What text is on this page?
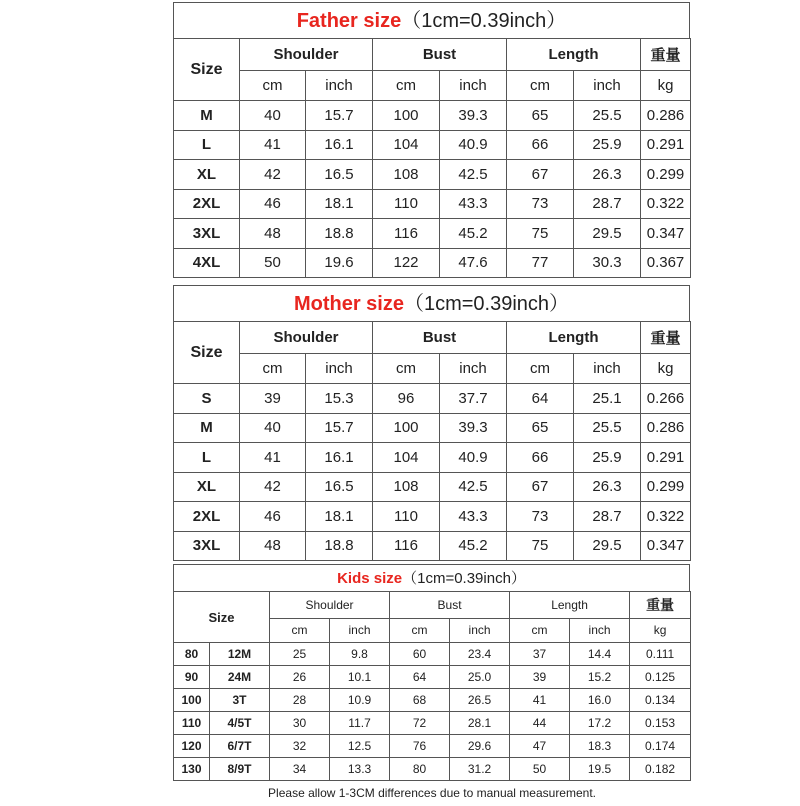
Father size（1cm=0.39inch）
Size	Shoulder		Bust		Length		重量
	cm	inch	cm	inch	cm	inch	kg
M	40	15.7	100	39.3	65	25.5	0.286
L	41	16.1	104	40.9	66	25.9	0.291
XL	42	16.5	108	42.5	67	26.3	0.299
2XL	46	18.1	110	43.3	73	28.7	0.322
3XL	48	18.8	116	45.2	75	29.5	0.347
4XL	50	19.6	122	47.6	77	30.3	0.367
Mother size（1cm=0.39inch）
Size	Shoulder		Bust		Length		重量
	cm	inch	cm	inch	cm	inch	kg
S	39	15.3	96	37.7	64	25.1	0.266
M	40	15.7	100	39.3	65	25.5	0.286
L	41	16.1	104	40.9	66	25.9	0.291
XL	42	16.5	108	42.5	67	26.3	0.299
2XL	46	18.1	110	43.3	73	28.7	0.322
3XL	48	18.8	116	45.2	75	29.5	0.347
Kids size（1cm=0.39inch）
Size		Shoulder		Bust		Length		重量
		cm	inch	cm	inch	cm	inch	kg
80	12M	25	9.8	60	23.4	37	14.4	0.111
90	24M	26	10.1	64	25.0	39	15.2	0.125
100	3T	28	10.9	68	26.5	41	16.0	0.134
110	4/5T	30	11.7	72	28.1	44	17.2	0.153
120	6/7T	32	12.5	76	29.6	47	18.3	0.174
130	8/9T	34	13.3	80	31.2	50	19.5	0.182
Please allow 1-3CM differences due to manual measurement.								
